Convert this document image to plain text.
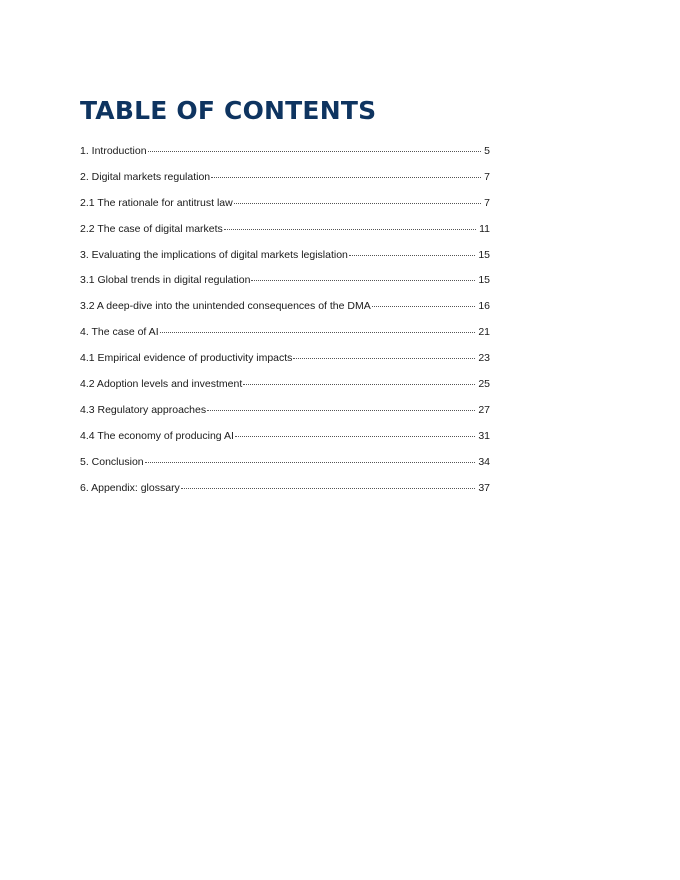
TABLE OF CONTENTS
1. Introduction	5
2. Digital markets regulation	7
2.1 The rationale for antitrust law	7
2.2 The case of digital markets	11
3. Evaluating the implications of digital markets legislation	15
3.1 Global trends in digital regulation	15
3.2 A deep-dive into the unintended consequences of the DMA	16
4. The case of AI	21
4.1 Empirical evidence of productivity impacts	23
4.2 Adoption levels and investment	25
4.3 Regulatory approaches	27
4.4 The economy of producing AI	31
5. Conclusion	34
6. Appendix: glossary	37
